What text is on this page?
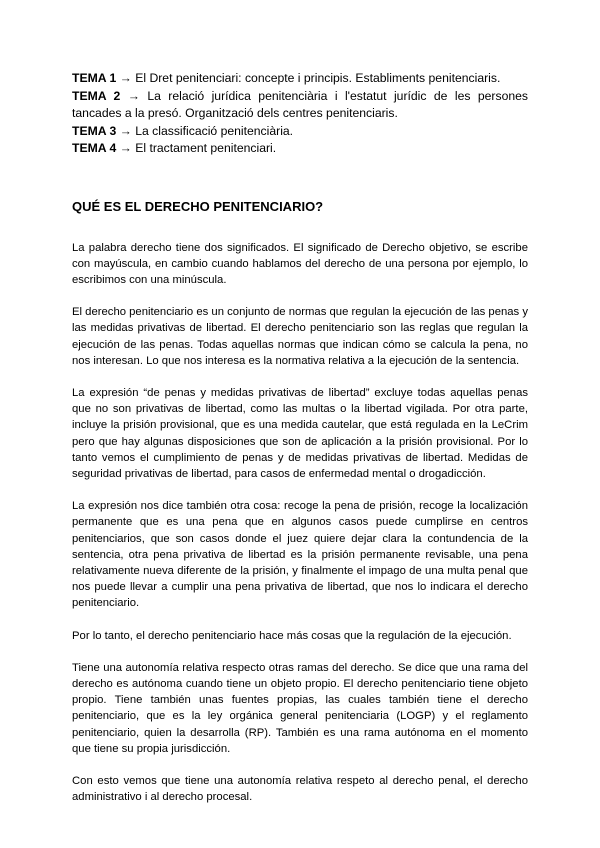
TEMA 1 → El Dret penitenciari: concepte i principis. Establiments penitenciaris.
TEMA 2 → La relació jurídica penitenciària i l'estatut jurídic de les persones tancades a la presó. Organització dels centres penitenciaris.
TEMA 3 → La classificació penitenciària.
TEMA 4 → El tractament penitenciari.
QUÉ ES EL DERECHO PENITENCIARIO?

La palabra derecho tiene dos significados. El significado de Derecho objetivo, se escribe con mayúscula, en cambio cuando hablamos del derecho de una persona por ejemplo, lo escribimos con una minúscula.

El derecho penitenciario es un conjunto de normas que regulan la ejecución de las penas y las medidas privativas de libertad. El derecho penitenciario son las reglas que regulan la ejecución de las penas. Todas aquellas normas que indican cómo se calcula la pena, no nos interesan. Lo que nos interesa es la normativa relativa a la ejecución de la sentencia.

La expresión “de penas y medidas privativas de libertad” excluye todas aquellas penas que no son privativas de libertad, como las multas o la libertad vigilada. Por otra parte, incluye la prisión provisional, que es una medida cautelar, que está regulada en la LeCrim pero que hay algunas disposiciones que son de aplicación a la prisión provisional. Por lo tanto vemos el cumplimiento de penas y de medidas privativas de libertad. Medidas de seguridad privativas de libertad, para casos de enfermedad mental o drogadicción.

La expresión nos dice también otra cosa: recoge la pena de prisión, recoge la localización permanente que es una pena que en algunos casos puede cumplirse en centros penitenciarios, que son casos donde el juez quiere dejar clara la contundencia de la sentencia, otra pena privativa de libertad es la prisión permanente revisable, una pena relativamente nueva diferente de la prisión, y finalmente el impago de una multa penal que nos puede llevar a cumplir una pena privativa de libertad, que nos lo indicara el derecho penitenciario.

Por lo tanto, el derecho penitenciario hace más cosas que la regulación de la ejecución.

Tiene una autonomía relativa respecto otras ramas del derecho. Se dice que una rama del derecho es autónoma cuando tiene un objeto propio. El derecho penitenciario tiene objeto propio. Tiene también unas fuentes propias, las cuales también tiene el derecho penitenciario, que es la ley orgánica general penitenciaria (LOGP) y el reglamento penitenciario, quien la desarrolla (RP). También es una rama autónoma en el momento que tiene su propia jurisdicción.

Con esto vemos que tiene una autonomía relativa respeto al derecho penal, el derecho administrativo i al derecho procesal.
